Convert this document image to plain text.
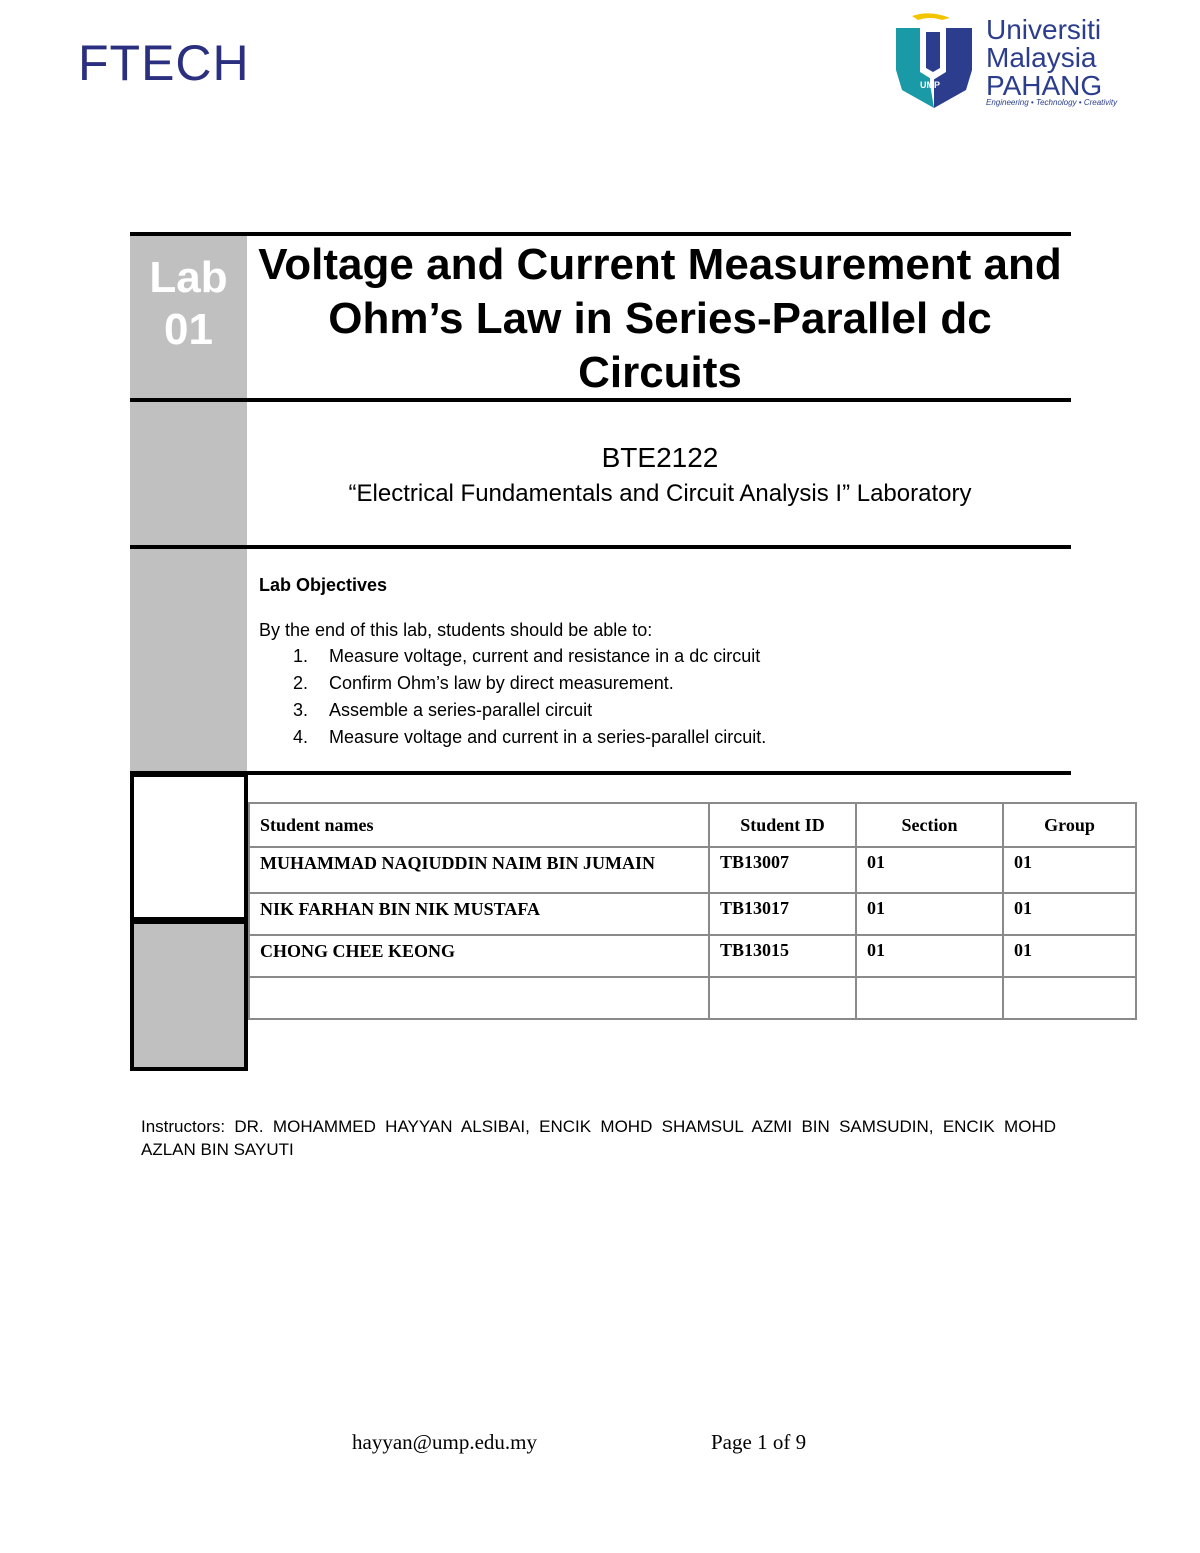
FTECH	UMP
Universiti
Malaysia
PAHANG
Engineering • Technology • Creativity
Lab
01
Voltage and Current Measurement and Ohm’s Law in Series-Parallel dc Circuits
BTE2122
“Electrical Fundamentals and Circuit Analysis I” Laboratory
Lab Objectives
By the end of this lab, students should be able to:
1. Measure voltage, current and resistance in a dc circuit
2. Confirm Ohm’s law by direct measurement.
3. Assemble a series-parallel circuit
4. Measure voltage and current in a series-parallel circuit.
Student names	Student ID	Section	Group
MUHAMMAD NAQIUDDIN NAIM BIN JUMAIN	TB13007	01	01
NIK FARHAN BIN NIK MUSTAFA	TB13017	01	01
CHONG CHEE KEONG	TB13015	01	01

Instructors: DR. MOHAMMED HAYYAN ALSIBAI, ENCIK MOHD SHAMSUL AZMI BIN SAMSUDIN, ENCIK MOHD AZLAN BIN SAYUTI
hayyan@ump.edu.my	Page 1 of 9
